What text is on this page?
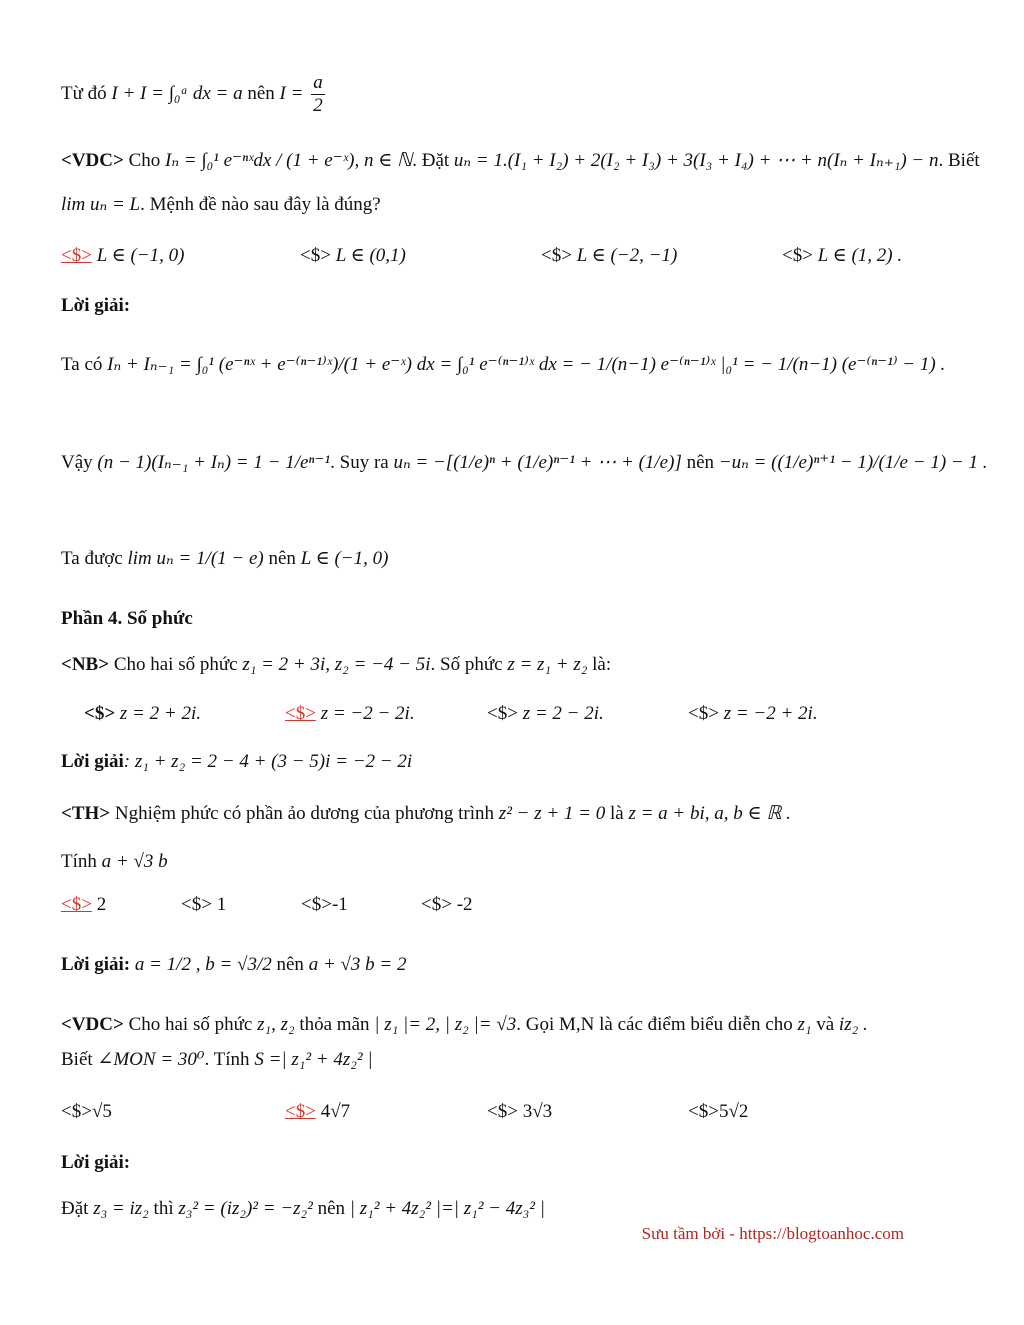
Từ đó I + I = ∫₀ᵃ dx = a nên $I = \frac{a}{2}$
<VDC> Cho Iₙ = ∫₀¹ e⁻ⁿˣdx / (1 + e⁻ˣ), n ∈ ℕ. Đặt uₙ = 1.(I₁ + I₂) + 2(I₂ + I₃) + 3(I₃ + I₄) + ⋯ + n(Iₙ + Iₙ₊₁) − n. Biết
lim uₙ = L. Mệnh đề nào sau đây là đúng?
<$> L ∈ (−1, 0)	<$> L ∈ (0,1)	<$> L ∈ (−2, −1)	<$> L ∈ (1, 2) .
Lời giải:
Ta có Iₙ + Iₙ₋₁ = ∫₀¹ (e⁻ⁿˣ + e⁻⁽ⁿ⁻¹⁾ˣ)/(1 + e⁻ˣ) dx = ∫₀¹ e⁻⁽ⁿ⁻¹⁾ˣ dx = − 1/(n−1) e⁻⁽ⁿ⁻¹⁾ˣ |₀¹ = − 1/(n−1) (e⁻⁽ⁿ⁻¹⁾ − 1) .
Vậy (n − 1)(Iₙ₋₁ + Iₙ) = 1 − 1/eⁿ⁻¹. Suy ra uₙ = −[(1/e)ⁿ + (1/e)ⁿ⁻¹ + ⋯ + (1/e)] nên −uₙ = ((1/e)ⁿ⁺¹ − 1)/(1/e − 1) − 1 .
Ta được lim uₙ = 1/(1 − e) nên L ∈ (−1, 0)
Phần 4. Số phức
<NB> Cho hai số phức z₁ = 2 + 3i, z₂ = −4 − 5i. Số phức z = z₁ + z₂ là:
<$> z = 2 + 2i.	<$> z = −2 − 2i.	<$> z = 2 − 2i.	<$> z = −2 + 2i.
Lời giải: z₁ + z₂ = 2 − 4 + (3 − 5)i = −2 − 2i
<TH> Nghiệm phức có phần ảo dương của phương trình z² − z + 1 = 0 là z = a + bi, a, b ∈ ℝ .
Tính a + √3 b
<$> 2	<$> 1	<$>-1	<$> -2
Lời giải: a = 1/2 , b = √3/2 nên a + √3 b = 2
<VDC> Cho hai số phức z₁, z₂ thỏa mãn | z₁ |= 2, | z₂ |= √3. Gọi M,N là các điểm biểu diễn cho z₁ và iz₂ .
Biết ∠MON = 30⁰. Tính S =| z₁² + 4z₂² |
<$>√5	<$> 4√7	<$> 3√3	<$>5√2
Lời giải:
Đặt z₃ = iz₂ thì z₃² = (iz₂)² = −z₂² nên | z₁² + 4z₂² |=| z₁² − 4z₃² |
Sưu tầm bởi - https://blogtoanhoc.com
